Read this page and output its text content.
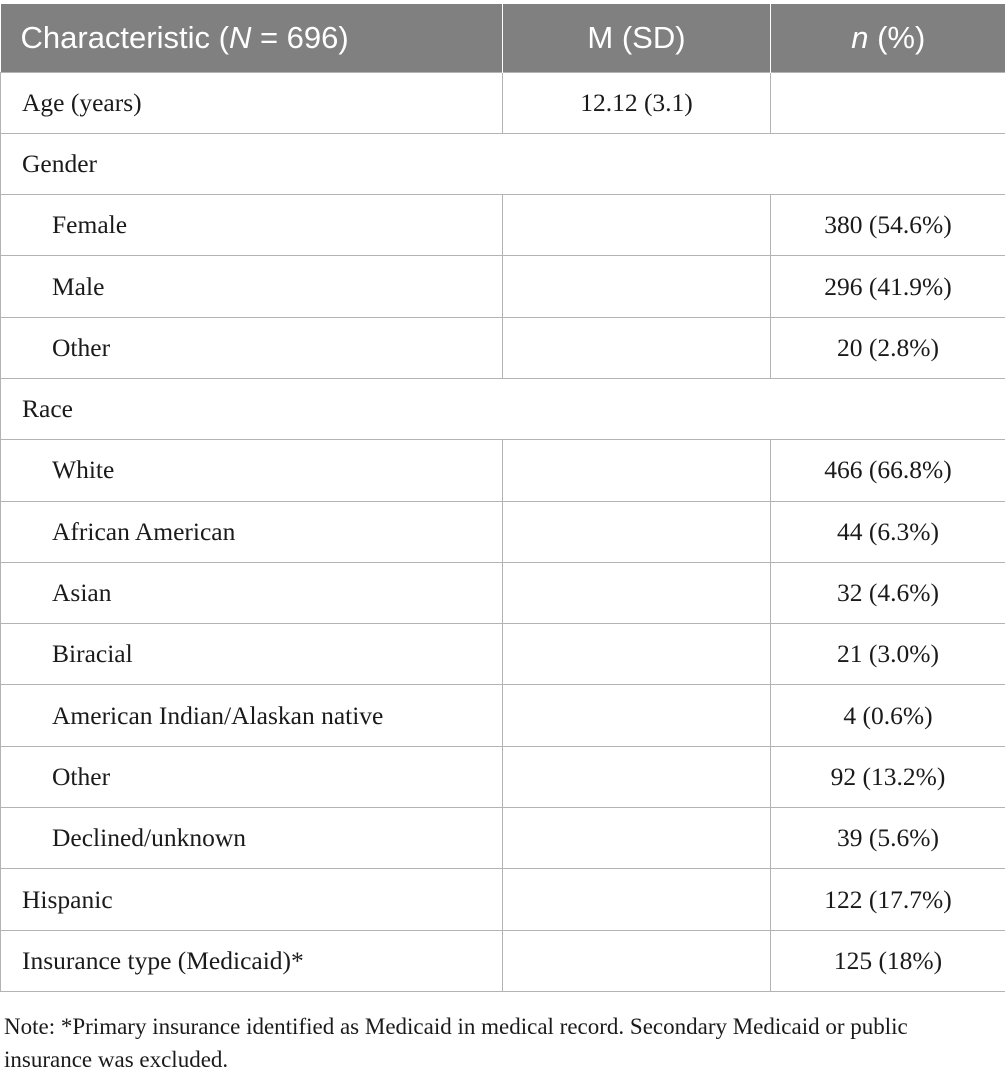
Characteristic (N = 696)	M (SD)	n (%)
Age (years)	12.12 (3.1)	
Gender		
Female		380 (54.6%)
Male		296 (41.9%)
Other		20 (2.8%)
Race		
White		466 (66.8%)
African American		44 (6.3%)
Asian		32 (4.6%)
Biracial		21 (3.0%)
American Indian/Alaskan native		4 (0.6%)
Other		92 (13.2%)
Declined/unknown		39 (5.6%)
Hispanic		122 (17.7%)
Insurance type (Medicaid)*		125 (18%)
Note: *Primary insurance identified as Medicaid in medical record. Secondary Medicaid or public insurance was excluded.
